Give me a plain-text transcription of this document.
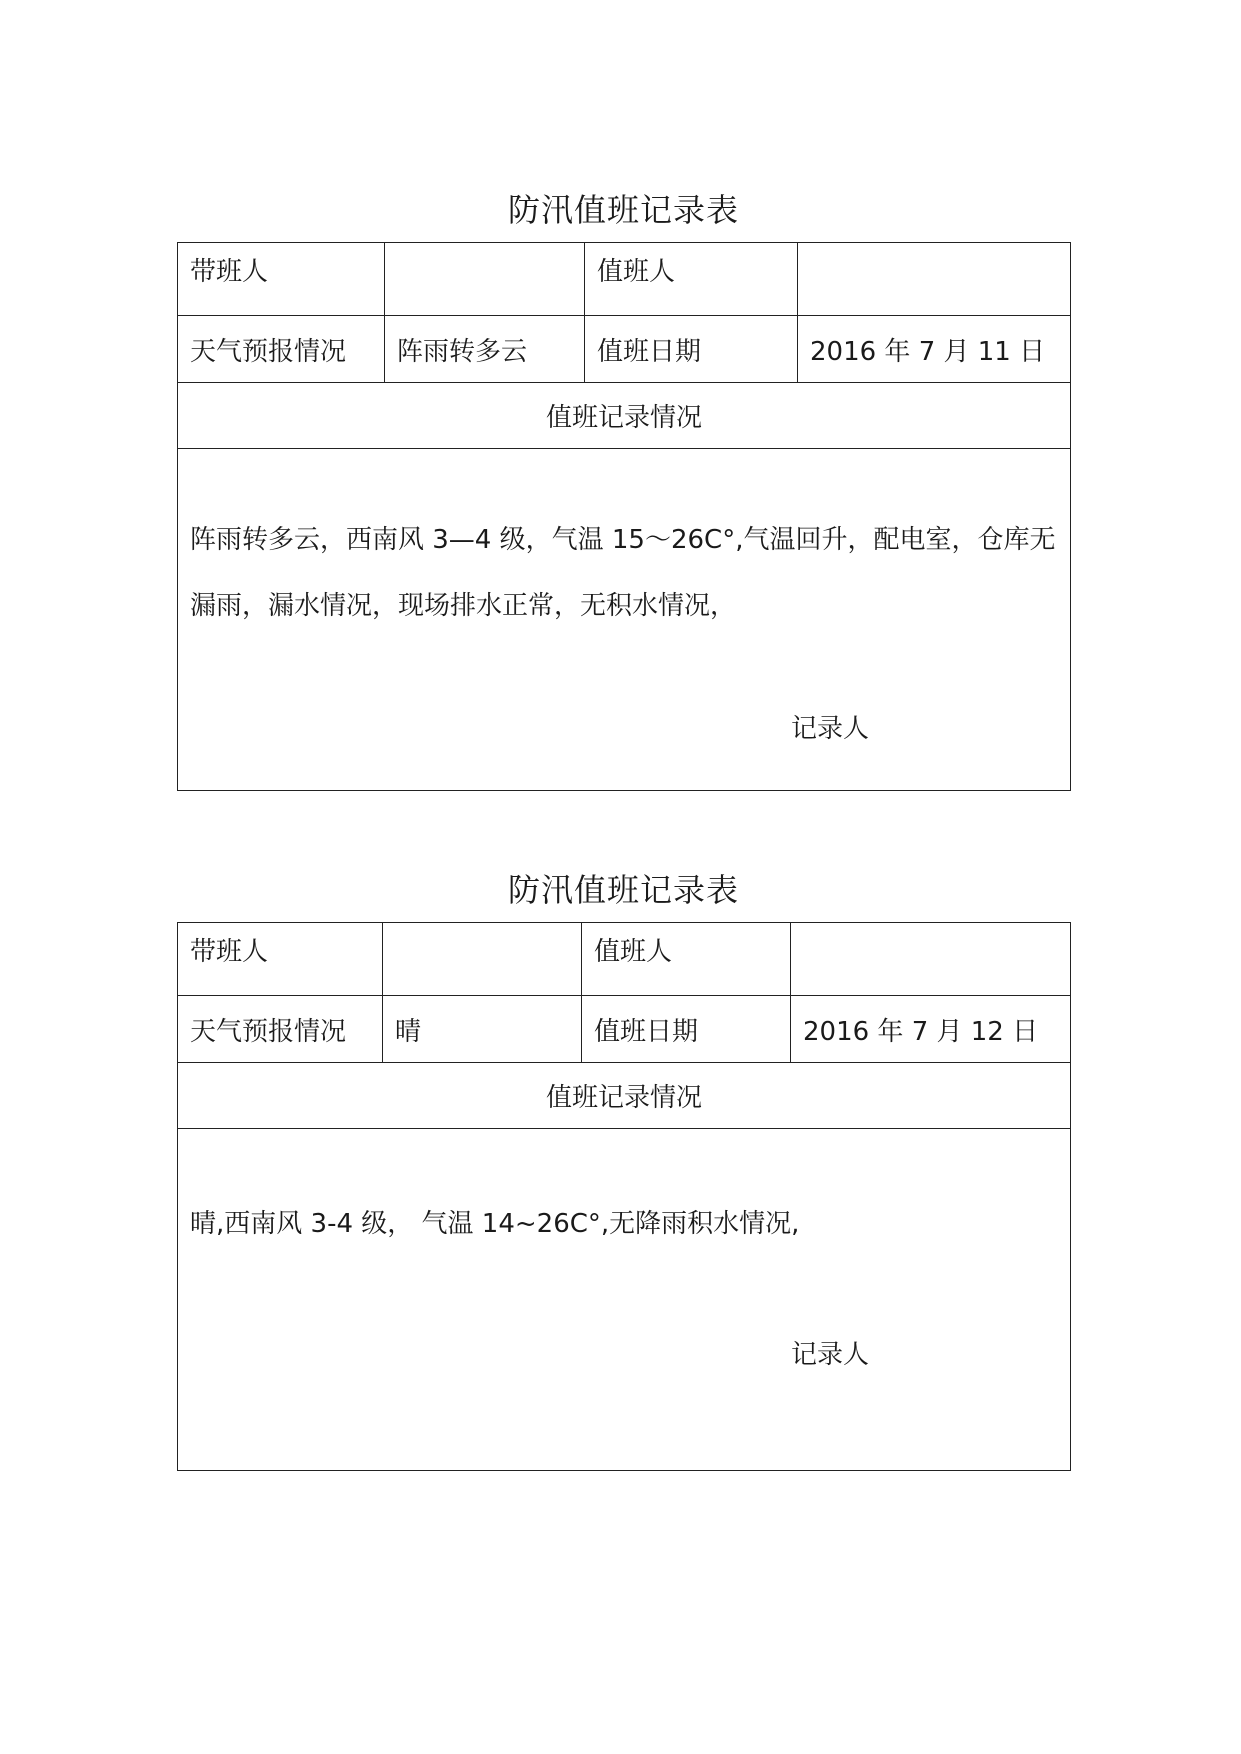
防汛值班记录表
带班人		值班人	
天气预报情况	阵雨转多云	值班日期	2016 年 7 月 11 日
值班记录情况			

阵雨转多云，西南风 3—4 级，气温 15～26C°,气温回升，配电室，仓库无漏雨，漏水情况，现场排水正常，无积水情况，
记录人			
防汛值班记录表
带班人		值班人	
天气预报情况	晴	值班日期	2016 年 7 月 12 日
值班记录情况			

晴,西南风 3-4 级， 气温 14~26C°,无降雨积水情况,
记录人			
